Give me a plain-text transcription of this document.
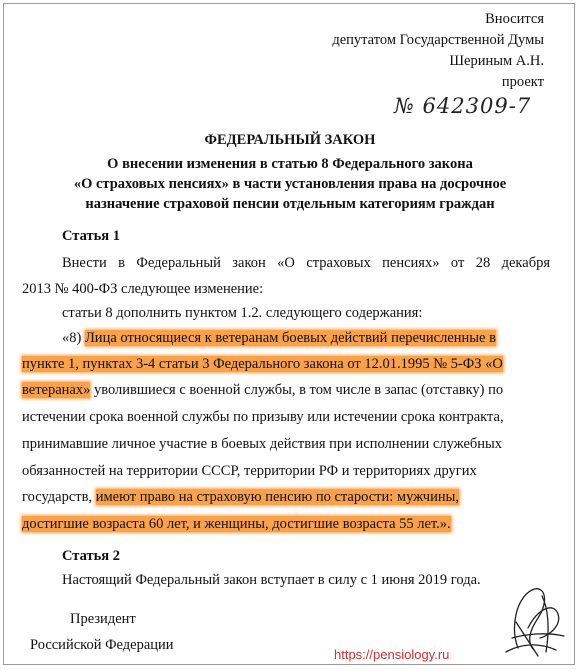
Вносится
депутатом Государственной Думы
Шериным А.Н.
проект
№ 642309-7
ФЕДЕРАЛЬНЫЙ ЗАКОН
О внесении изменения в статью 8 Федерального закона
«О страховых пенсиях» в части установления права на досрочное
назначение страховой пенсии отдельным категориям граждан
Статья 1
Внести в Федеральный закон «О страховых пенсиях» от 28 декабря
2013 № 400-ФЗ следующее изменение:
статьи 8 дополнить пунктом 1.2. следующего содержания:
«8) Лица относящиеся к ветеранам боевых действий перечисленные в
пункте 1, пунктах 3-4 статьи 3 Федерального закона от 12.01.1995 № 5-ФЗ «О
ветеранах» уволившиеся с военной службы, в том числе в запас (отставку) по
истечении срока военной службы по призыву или истечении срока контракта,
принимавшие личное участие в боевых действия при исполнении служебных
обязанностей на территории СССР, территории РФ и территориях других
государств, имеют право на страховую пенсию по старости: мужчины,
достигшие возраста 60 лет, и женщины, достигшие возраста 55 лет.».
Статья 2
Настоящий Федеральный закон вступает в силу с 1 июня 2019 года.
Президент
Российской Федерации
https://pensiology.ru
